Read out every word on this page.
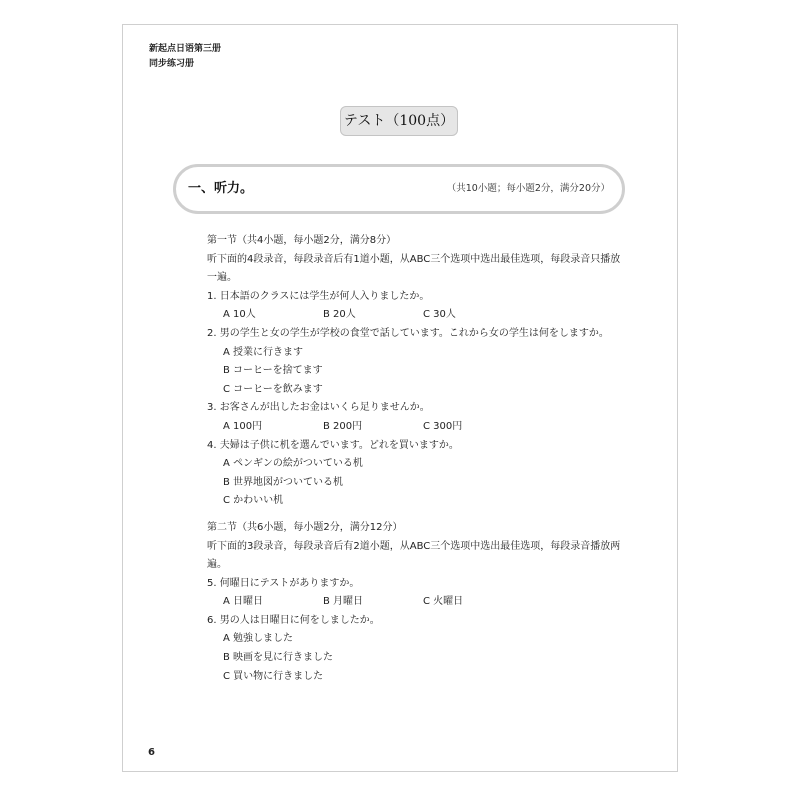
新起点日语第三册
同步练习册
テスト（100点）
一、听力。	（共10小题；每小题2分，满分20分）
第一节（共4小题，每小题2分，满分8分）
听下面的4段录音，每段录音后有1道小题，从ABC三个选项中选出最佳选项，每段录音只播放一遍。
1. 日本語のクラスには学生が何人入りましたか。
A 10人	B 20人	C 30人
2. 男の学生と女の学生が学校の食堂で話しています。これから女の学生は何をしますか。
A 授業に行きます
B コーヒーを捨てます
C コーヒーを飲みます
3. お客さんが出したお金はいくら足りませんか。
A 100円	B 200円	C 300円
4. 夫婦は子供に机を選んでいます。どれを買いますか。
A ペンギンの絵がついている机
B 世界地図がついている机
C かわいい机
第二节（共6小题，每小题2分，满分12分）
听下面的3段录音，每段录音后有2道小题，从ABC三个选项中选出最佳选项，每段录音播放两遍。
5. 何曜日にテストがありますか。
A 日曜日	B 月曜日	C 火曜日
6. 男の人は日曜日に何をしましたか。
A 勉強しました
B 映画を見に行きました
C 買い物に行きました
6
